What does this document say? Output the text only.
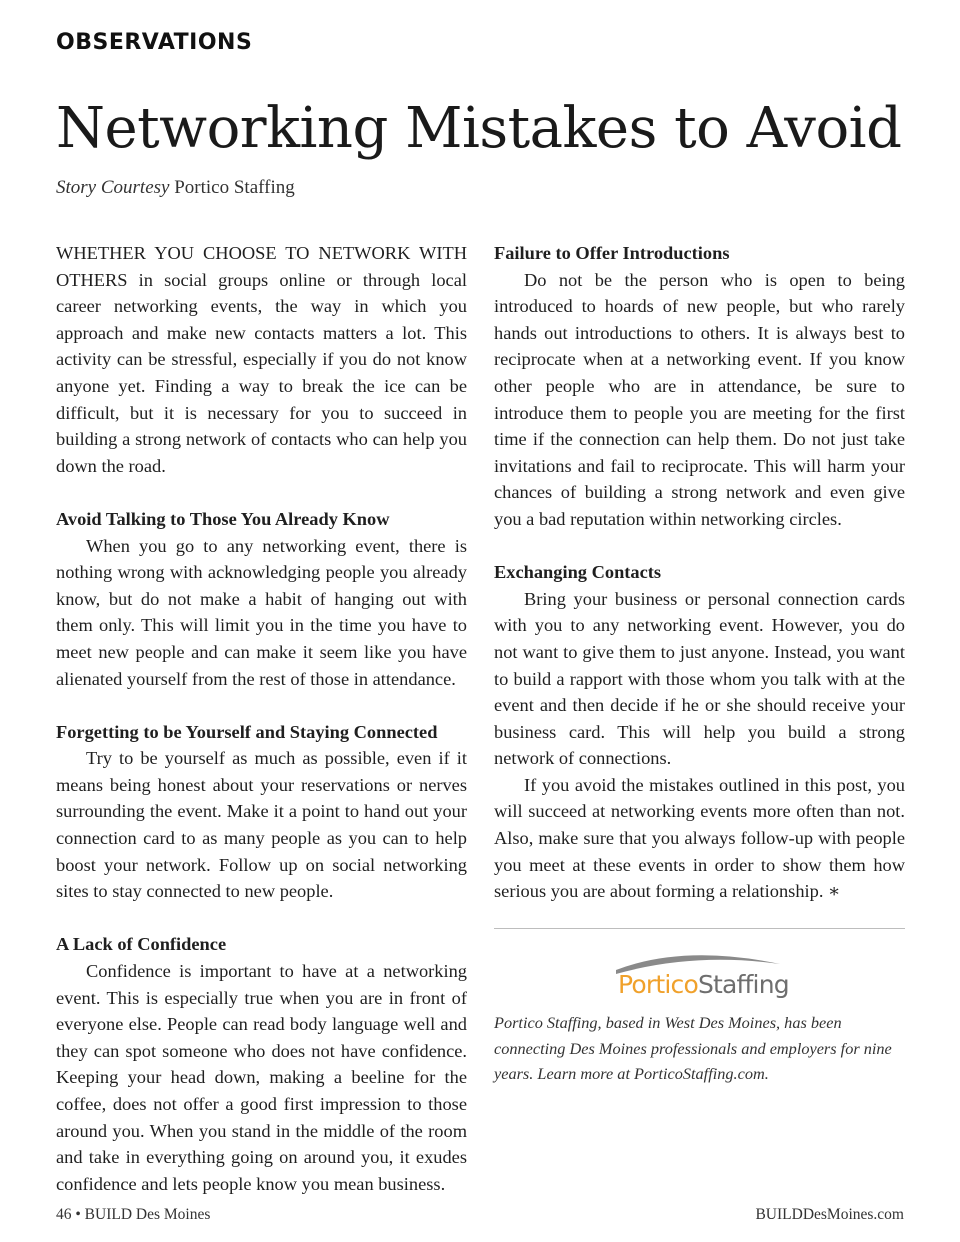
OBSERVATIONS
Networking Mistakes to Avoid
Story Courtesy Portico Staffing

WHETHER YOU CHOOSE TO NETWORK WITH OTHERS in social groups online or through local career networking events, the way in which you approach and make new contacts matters a lot. This activity can be stressful, especially if you do not know anyone yet. Finding a way to break the ice can be difficult, but it is necessary for you to succeed in building a strong network of contacts who can help you down the road.

Avoid Talking to Those You Already Know

When you go to any networking event, there is nothing wrong with acknowledging people you already know, but do not make a habit of hanging out with them only. This will limit you in the time you have to meet new people and can make it seem like you have alienated yourself from the rest of those in attendance.

Forgetting to be Yourself and Staying Connected

Try to be yourself as much as possible, even if it means being honest about your reservations or nerves surrounding the event. Make it a point to hand out your connection card to as many people as you can to help boost your network. Follow up on social networking sites to stay connected to new people.

A Lack of Confidence

Confidence is important to have at a networking event. This is especially true when you are in front of everyone else. People can read body language well and they can spot someone who does not have confidence. Keeping your head down, making a beeline for the coffee, does not offer a good first impression to those around you. When you stand in the middle of the room and take in everything going on around you, it exudes confidence and lets people know you mean business.

Failure to Offer Introductions

Do not be the person who is open to being introduced to hoards of new people, but who rarely hands out introductions to others. It is always best to reciprocate when at a networking event. If you know other people who are in attendance, be sure to introduce them to people you are meeting for the first time if the connection can help them. Do not just take invitations and fail to reciprocate. This will harm your chances of building a strong network and even give you a bad reputation within networking circles.

Exchanging Contacts

Bring your business or personal connection cards with you to any networking event. However, you do not want to give them to just anyone. Instead, you want to build a rapport with those whom you talk with at the event and then decide if he or she should receive your business card. This will help you build a strong network of connections.

If you avoid the mistakes outlined in this post, you will succeed at networking events more often than not. Also, make sure that you always follow-up with people you meet at these events in order to show them how serious you are about forming a relationship. ∗

PorticoStaffing
Portico Staffing, based in West Des Moines, has been connecting Des Moines professionals and employers for nine years. Learn more at PorticoStaffing.com.
46 • BUILD Des Moines	BUILDDesMoines.com
